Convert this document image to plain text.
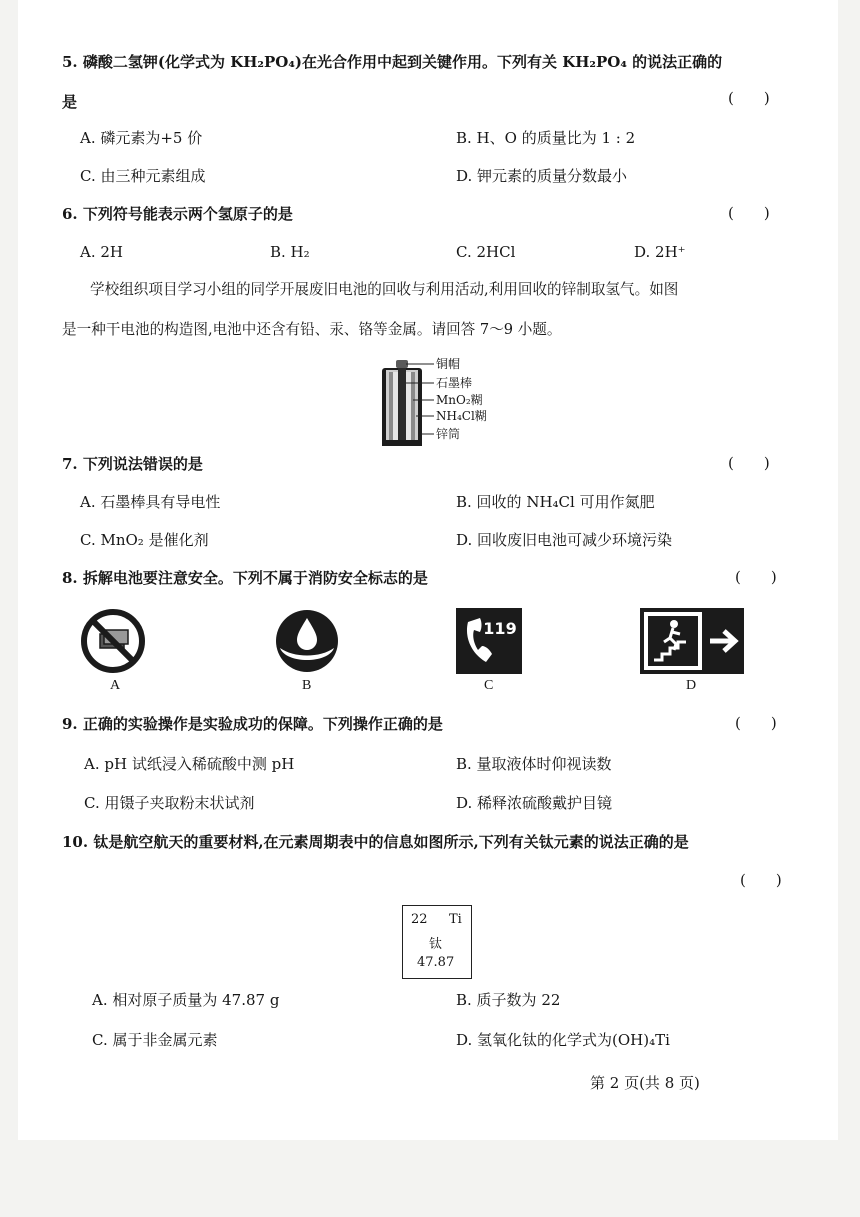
5. 磷酸二氢钾(化学式为 KH₂PO₄)在光合作用中起到关键作用。下列有关 KH₂PO₄ 的说法正确的
是	(　　)
A. 磷元素为+5 价	B. H、O 的质量比为 1 : 2
C. 由三种元素组成	D. 钾元素的质量分数最小
6. 下列符号能表示两个氢原子的是	(　　)
A. 2H	B. H₂	C. 2HCl	D. 2H⁺
学校组织项目学习小组的同学开展废旧电池的回收与利用活动,利用回收的锌制取氢气。如图
是一种干电池的构造图,电池中还含有铅、汞、铬等金属。请回答 7～9 小题。
铜帽
石墨棒
MnO₂糊
NH₄Cl糊
锌筒
7. 下列说法错误的是	(　　)
A. 石墨棒具有导电性	B. 回收的 NH₄Cl 可用作氮肥
C. MnO₂ 是催化剂	D. 回收废旧电池可减少环境污染
8. 拆解电池要注意安全。下列不属于消防安全标志的是	(　　)
A	B
119
C	D
9. 正确的实验操作是实验成功的保障。下列操作正确的是	(　　)
A. pH 试纸浸入稀硫酸中测 pH	B. 量取液体时仰视读数
C. 用镊子夹取粉末状试剂	D. 稀释浓硫酸戴护目镜
10. 钛是航空航天的重要材料,在元素周期表中的信息如图所示,下列有关钛元素的说法正确的是
(　　)
22 Ti
钛
47.87
A. 相对原子质量为 47.87 g	B. 质子数为 22
C. 属于非金属元素	D. 氢氧化钛的化学式为(OH)₄Ti
第 2 页(共 8 页)
